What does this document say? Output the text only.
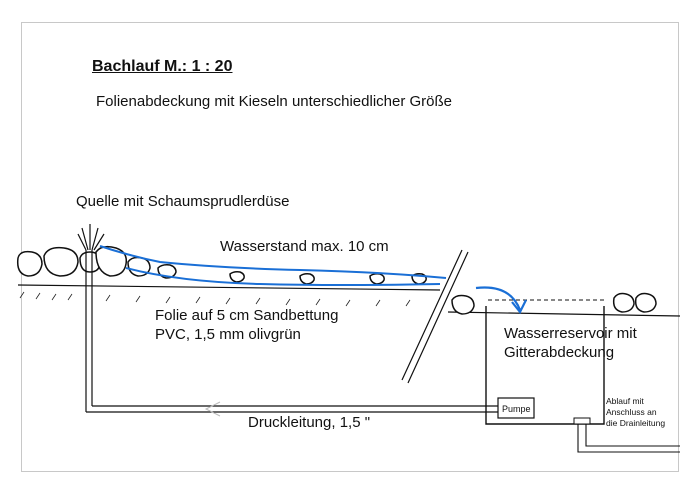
Bachlauf M.: 1 : 20
Folienabdeckung mit Kieseln unterschiedlicher Größe
Quelle mit Schaumsprudlerdüse
Wasserstand max. 10 cm
Folie auf 5 cm Sandbettung
PVC, 1,5 mm olivgrün	Wasserreservoir mit
Gitterabdeckung
Druckleitung, 1,5 "
Pumpe
Ablauf mit
Anschluss an
die Drainleitung
